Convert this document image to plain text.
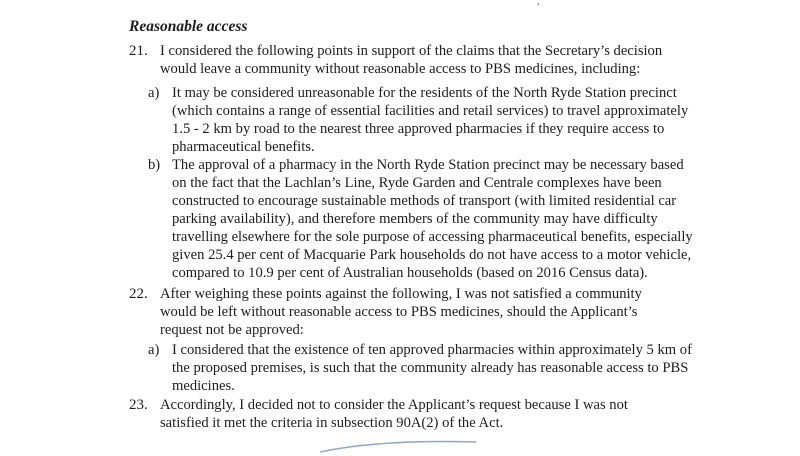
,
Reasonable access
21. I considered the following points in support of the claims that the Secretary’s decision would leave a community without reasonable access to PBS medicines, including:
a) It may be considered unreasonable for the residents of the North Ryde Station precinct (which contains a range of essential facilities and retail services) to travel approximately 1.5 - 2 km by road to the nearest three approved pharmacies if they require access to pharmaceutical benefits.
b) The approval of a pharmacy in the North Ryde Station precinct may be necessary based on the fact that the Lachlan’s Line, Ryde Garden and Centrale complexes have been constructed to encourage sustainable methods of transport (with limited residential car parking availability), and therefore members of the community may have difficulty travelling elsewhere for the sole purpose of accessing pharmaceutical benefits, especially given 25.4 per cent of Macquarie Park households do not have access to a motor vehicle, compared to 10.9 per cent of Australian households (based on 2016 Census data).
22. After weighing these points against the following, I was not satisfied a community would be left without reasonable access to PBS medicines, should the Applicant’s request not be approved:
a) I considered that the existence of ten approved pharmacies within approximately 5 km of the proposed premises, is such that the community already has reasonable access to PBS medicines.
23. Accordingly, I decided not to consider the Applicant’s request because I was not satisfied it met the criteria in subsection 90A(2) of the Act.
